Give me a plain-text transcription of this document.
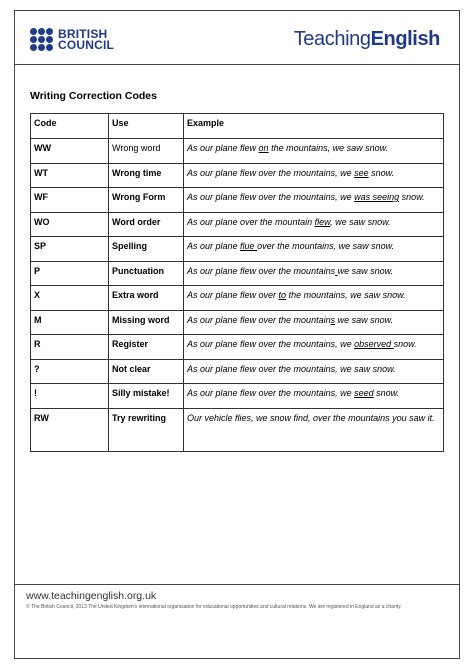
BRITISH
COUNCIL	TeachingEnglish
Writing Correction Codes
Code	Use	Example
WW	Wrong word	As our plane flew on the mountains, we saw snow.
WT	Wrong time	As our plane flew over the mountains, we see snow.
WF	Wrong Form	As our plane flew over the mountains, we was seeing snow.
WO	Word order	As our plane over the mountain flew, we saw snow.
SP	Spelling	As our plane flue over the mountains, we saw snow.
P	Punctuation	As our plane flew over the mountains we saw snow.
X	Extra word	As our plane flew over to the mountains, we saw snow.
M	Missing word	As our plane flew over the mountains we saw snow.
R	Register	As our plane flew over the mountains, we observed snow.
?	Not clear	As our plane flew over the mountains, we saw snow.
!	Silly mistake!	As our plane flew over the mountains, we seed snow.
RW	Try rewriting	Our vehicle flies, we snow find, over the mountains you saw it.
www.teachingenglish.org.uk
© The British Council, 2013 The United Kingdom's international organisation for educational opportunities and cultural relations. We are registered in England as a charity.
